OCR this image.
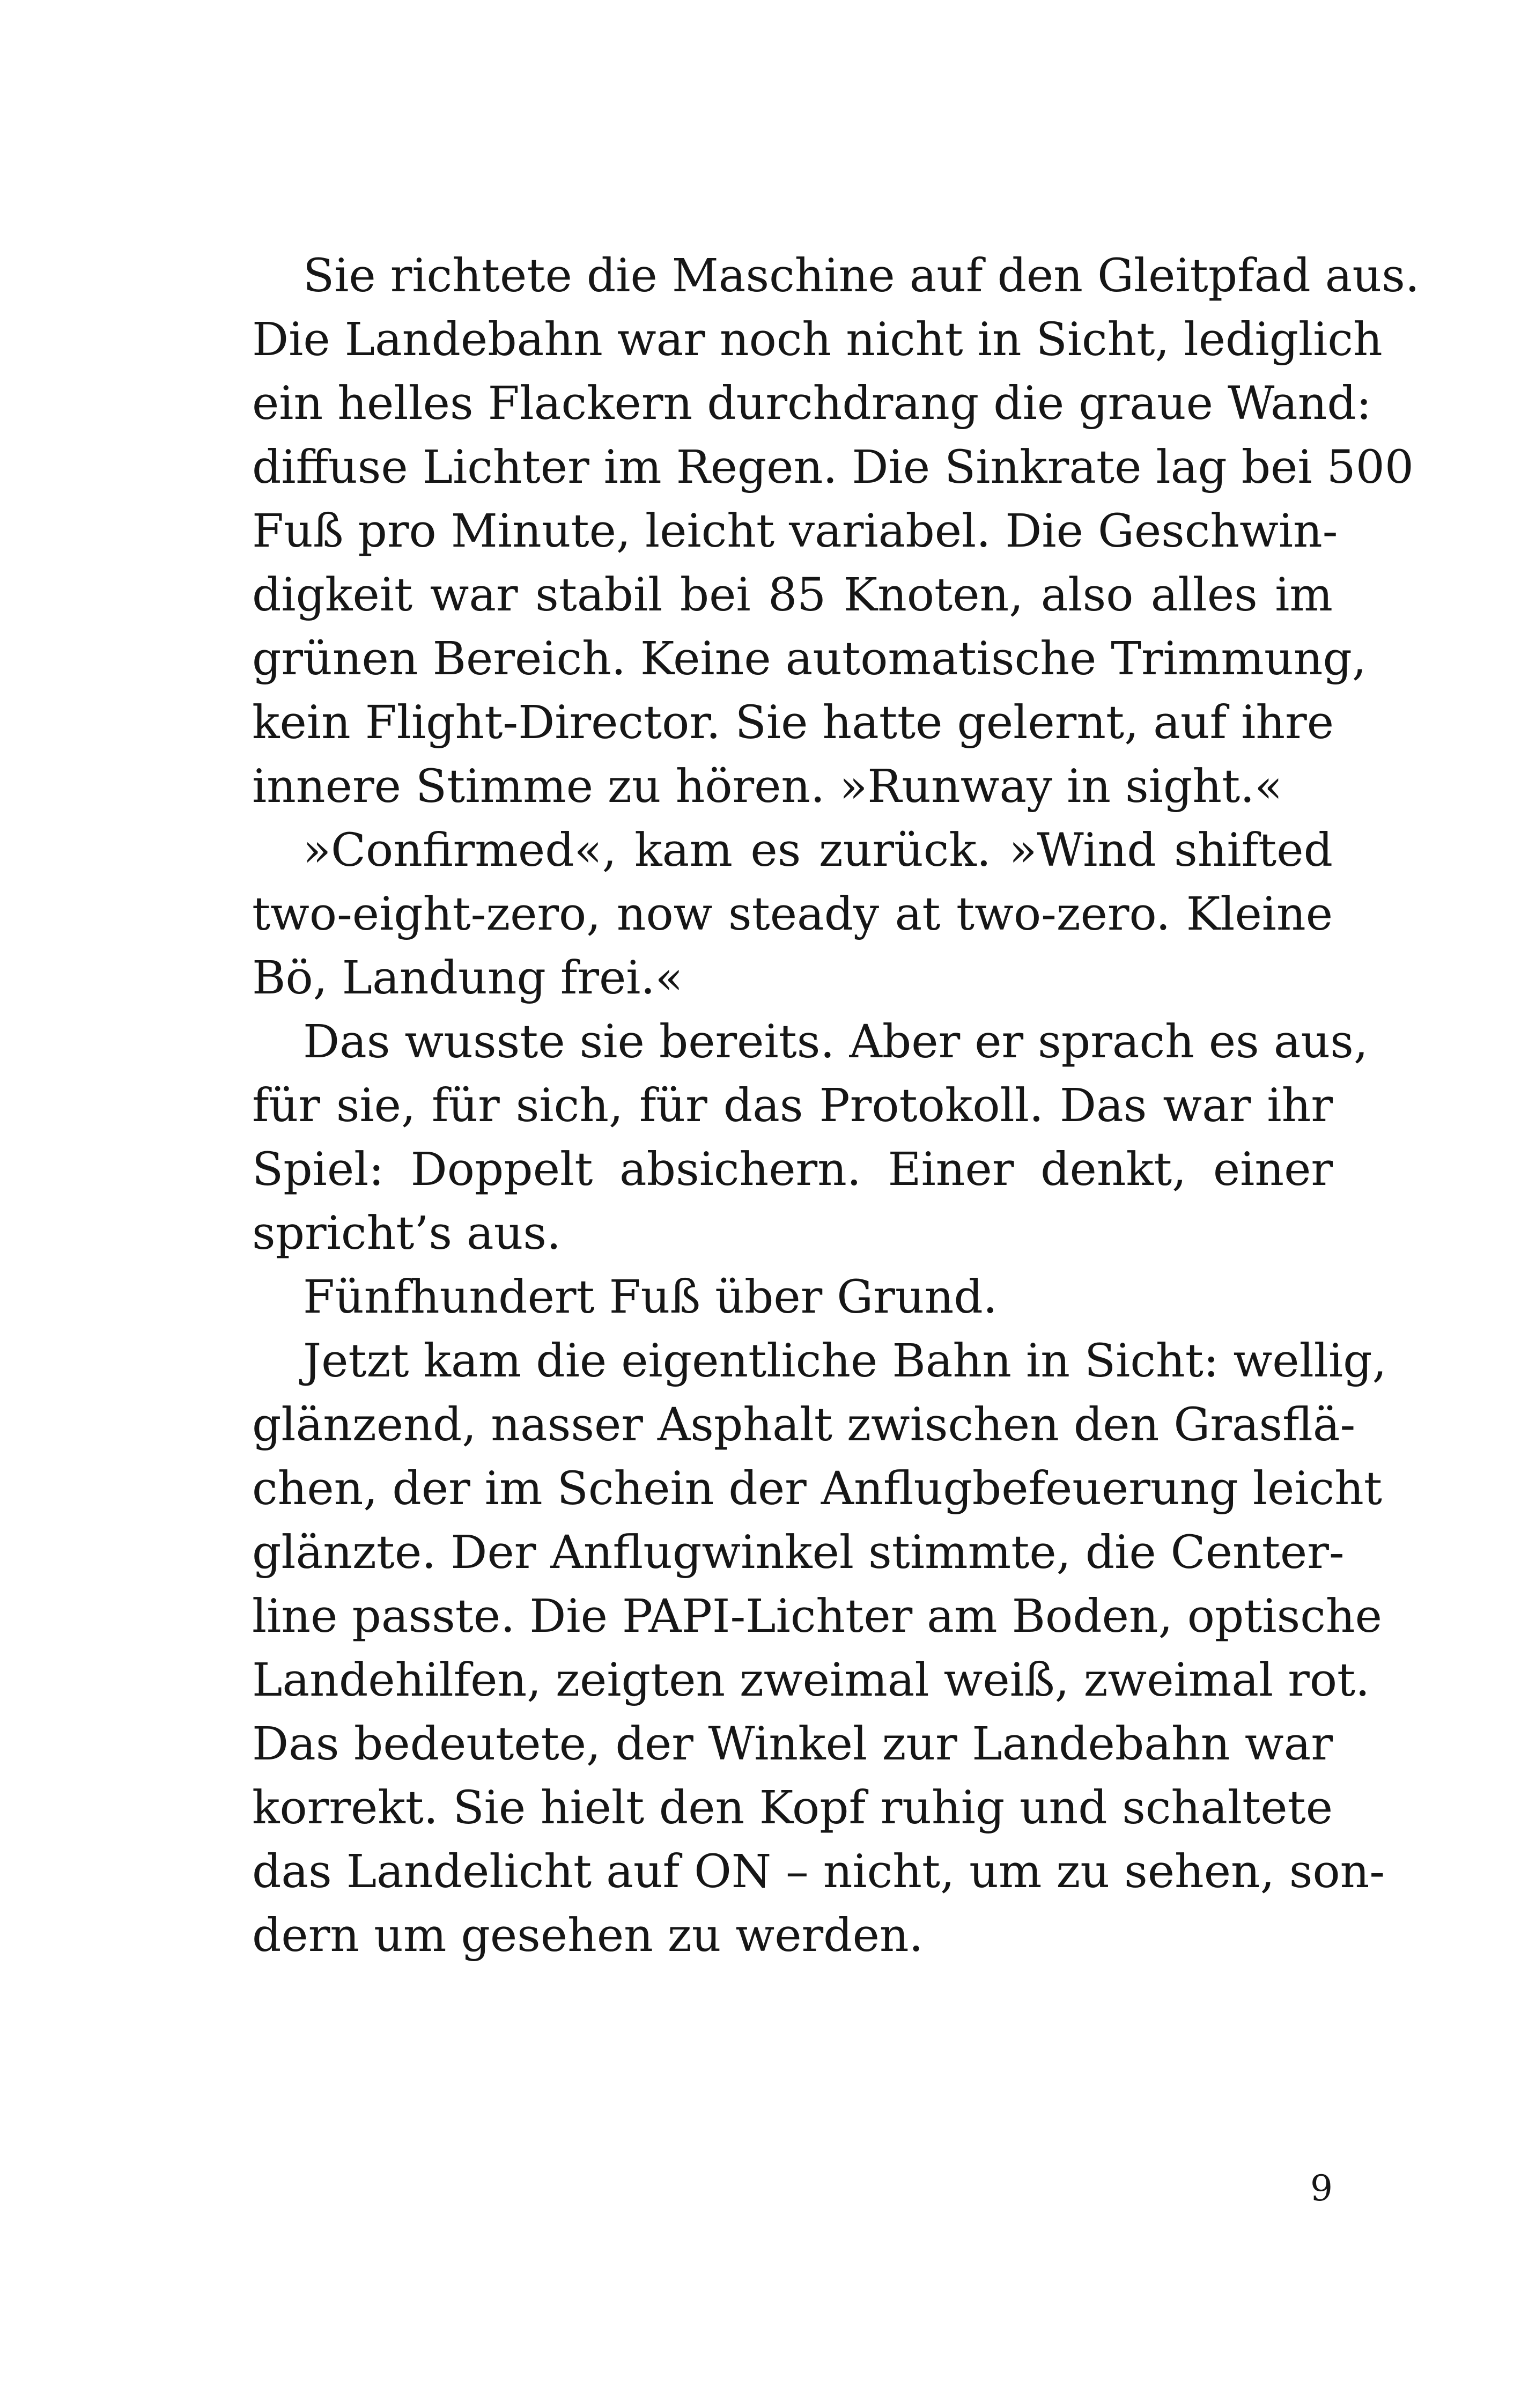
Sie richtete die Maschine auf den Gleitpfad aus.
Die Landebahn war noch nicht in Sicht, lediglich
ein helles Flackern durchdrang die graue Wand:
diffuse Lichter im Regen. Die Sinkrate lag bei 500
Fuß pro Minute, leicht variabel. Die Geschwin-
digkeit war stabil bei 85 Knoten, also alles im
grünen Bereich. Keine automatische Trimmung,
kein Flight-Director. Sie hatte gelernt, auf ihre
innere Stimme zu hören. »Runway in sight.«
»Confirmed«, kam es zurück. »Wind shifted
two-eight-zero, now steady at two-zero. Kleine
Bö, Landung frei.«
Das wusste sie bereits. Aber er sprach es aus,
für sie, für sich, für das Protokoll. Das war ihr
Spiel: Doppelt absichern. Einer denkt, einer
spricht’s aus.
Fünfhundert Fuß über Grund.
Jetzt kam die eigentliche Bahn in Sicht: wellig,
glänzend, nasser Asphalt zwischen den Grasflä-
chen, der im Schein der Anflugbefeuerung leicht
glänzte. Der Anflugwinkel stimmte, die Center-
line passte. Die PAPI-Lichter am Boden, optische
Landehilfen, zeigten zweimal weiß, zweimal rot.
Das bedeutete, der Winkel zur Landebahn war
korrekt. Sie hielt den Kopf ruhig und schaltete
das Landelicht auf ON – nicht, um zu sehen, son-
dern um gesehen zu werden.
9
